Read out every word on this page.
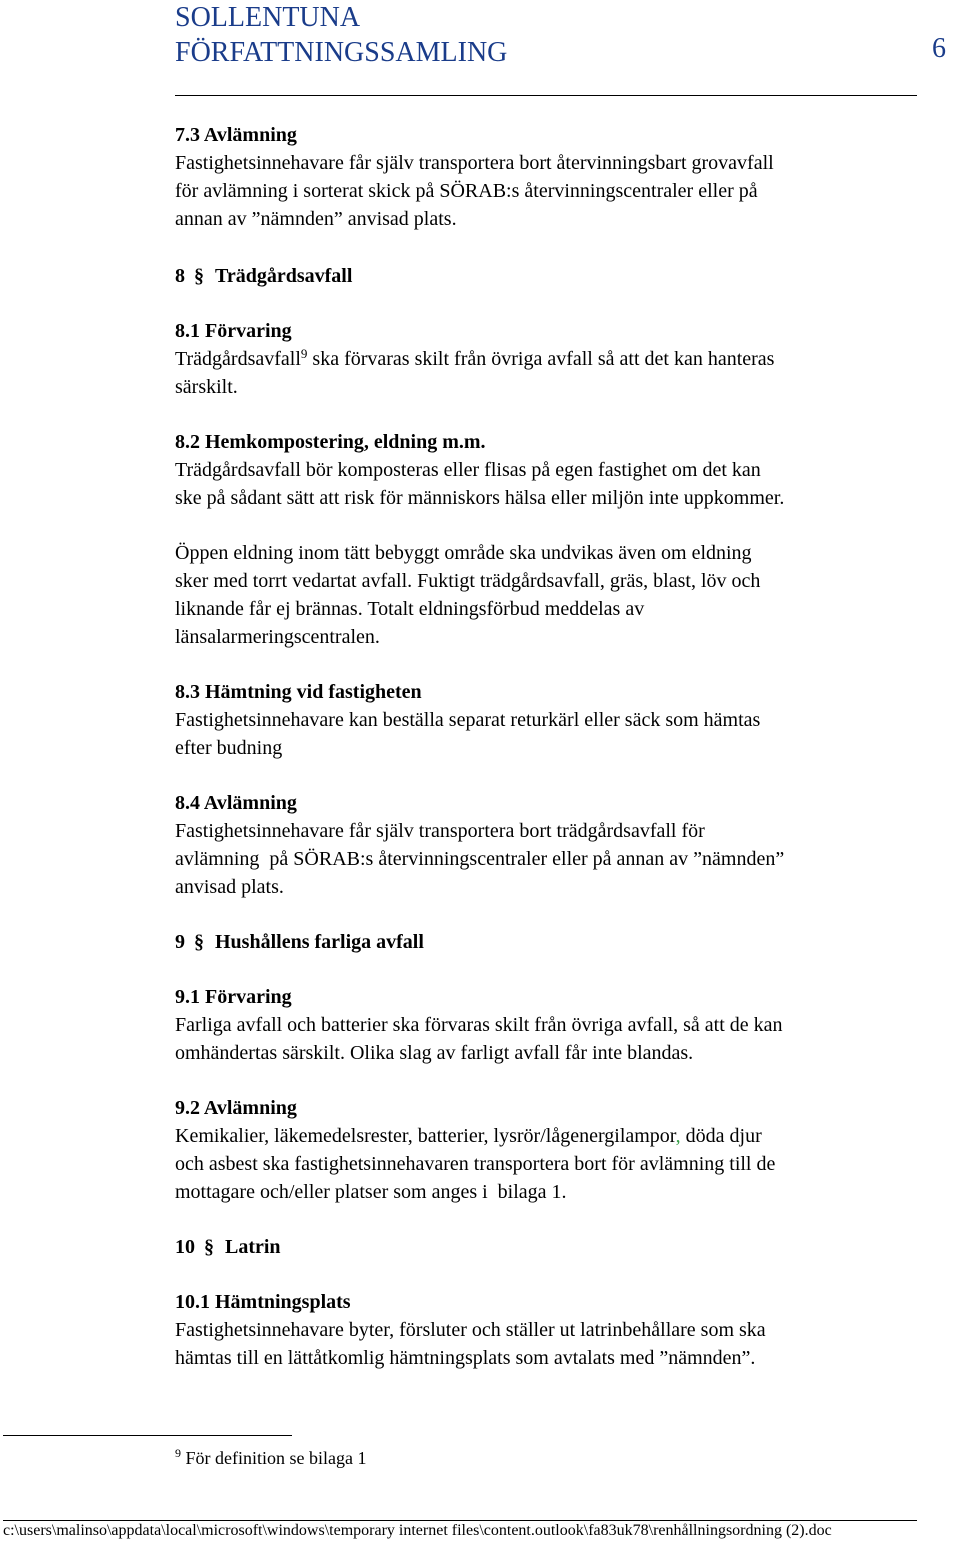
SOLLENTUNA
FÖRFATTNINGSSAMLING	6

7.3 Avlämning

Fastighetsinnehavare får själv transportera bort återvinningsbart grovavfall

för avlämning i sorterat skick på SÖRAB:s återvinningscentraler eller på

annan av ”nämnden” anvisad plats.

8 § Trädgårdsavfall

8.1 Förvaring

Trädgårdsavfall$^9$ ska förvaras skilt från övriga avfall så att det kan hanteras

särskilt.

8.2 Hemkompostering, eldning m.m.

Trädgårdsavfall bör komposteras eller flisas på egen fastighet om det kan

ske på sådant sätt att risk för människors hälsa eller miljön inte uppkommer.

Öppen eldning inom tätt bebyggt område ska undvikas även om eldning

sker med torrt vedartat avfall. Fuktigt trädgårdsavfall, gräs, blast, löv och

liknande får ej brännas. Totalt eldningsförbud meddelas av

länsalarmeringscentralen.

8.3 Hämtning vid fastigheten

Fastighetsinnehavare kan beställa separat returkärl eller säck som hämtas

efter budning

8.4 Avlämning

Fastighetsinnehavare får själv transportera bort trädgårdsavfall för

avlämning  på SÖRAB:s återvinningscentraler eller på annan av ”nämnden”

anvisad plats.

9 § Hushållens farliga avfall

9.1 Förvaring

Farliga avfall och batterier ska förvaras skilt från övriga avfall, så att de kan

omhändertas särskilt. Olika slag av farligt avfall får inte blandas.

9.2 Avlämning

Kemikalier, läkemedelsrester, batterier, lysrör/lågenergilampor, döda djur

och asbest ska fastighetsinnehavaren transportera bort för avlämning till de

mottagare och/eller platser som anges i  bilaga 1.

10 § Latrin

10.1 Hämtningsplats

Fastighetsinnehavare byter, försluter och ställer ut latrinbehållare som ska

hämtas till en lättåtkomlig hämtningsplats som avtalats med ”nämnden”.

$^9$ För definition se bilaga 1
c:\users\malinso\appdata\local\microsoft\windows\temporary internet files\content.outlook\fa83uk78\renhållningsordning (2).doc
